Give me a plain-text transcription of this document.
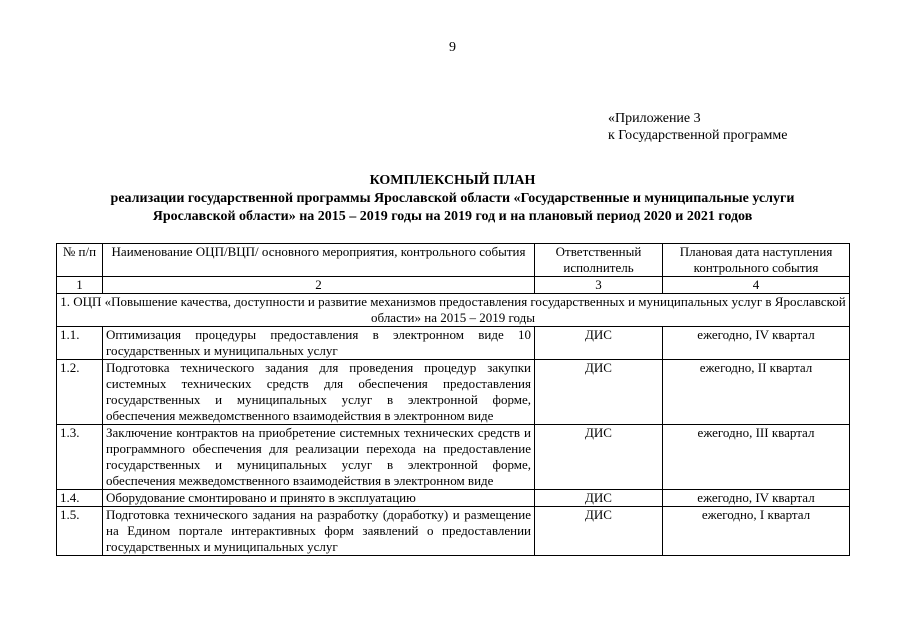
9
«Приложение 3
к Государственной программе
КОМПЛЕКСНЫЙ ПЛАН
реализации государственной программы Ярославской области «Государственные и муниципальные услуги
Ярославской области» на 2015 – 2019 годы на 2019 год и на плановый период 2020 и 2021 годов
№ п/п	Наименование ОЦП/ВЦП/ основного мероприятия, контрольного события	Ответственный исполнитель	Плановая дата наступления контрольного события
1	2	3	4
1. ОЦП «Повышение качества, доступности и развитие механизмов предоставления государственных и муниципальных услуг в Ярославской области» на 2015 – 2019 годы			
1.1.	Оптимизация процедуры предоставления в электронном виде 10 государственных и муниципальных услуг	ДИС	ежегодно, IV квартал
1.2.	Подготовка технического задания для проведения процедур закупки системных технических средств для обеспечения предоставления государственных и муниципальных услуг в электронной форме, обеспечения межведомственного взаимодействия в электронном виде	ДИС	ежегодно, II квартал
1.3.	Заключение контрактов на приобретение системных технических средств и программного обеспечения для реализации перехода на предоставление государственных и муниципальных услуг в электронной форме, обеспечения межведомственного взаимодействия в электронном виде	ДИС	ежегодно, III квартал
1.4.	Оборудование смонтировано и принято в эксплуатацию	ДИС	ежегодно, IV квартал
1.5.	Подготовка технического задания на разработку (доработку) и размещение на Едином портале интерактивных форм заявлений о предоставлении государственных и муниципальных услуг	ДИС	ежегодно, I квартал
